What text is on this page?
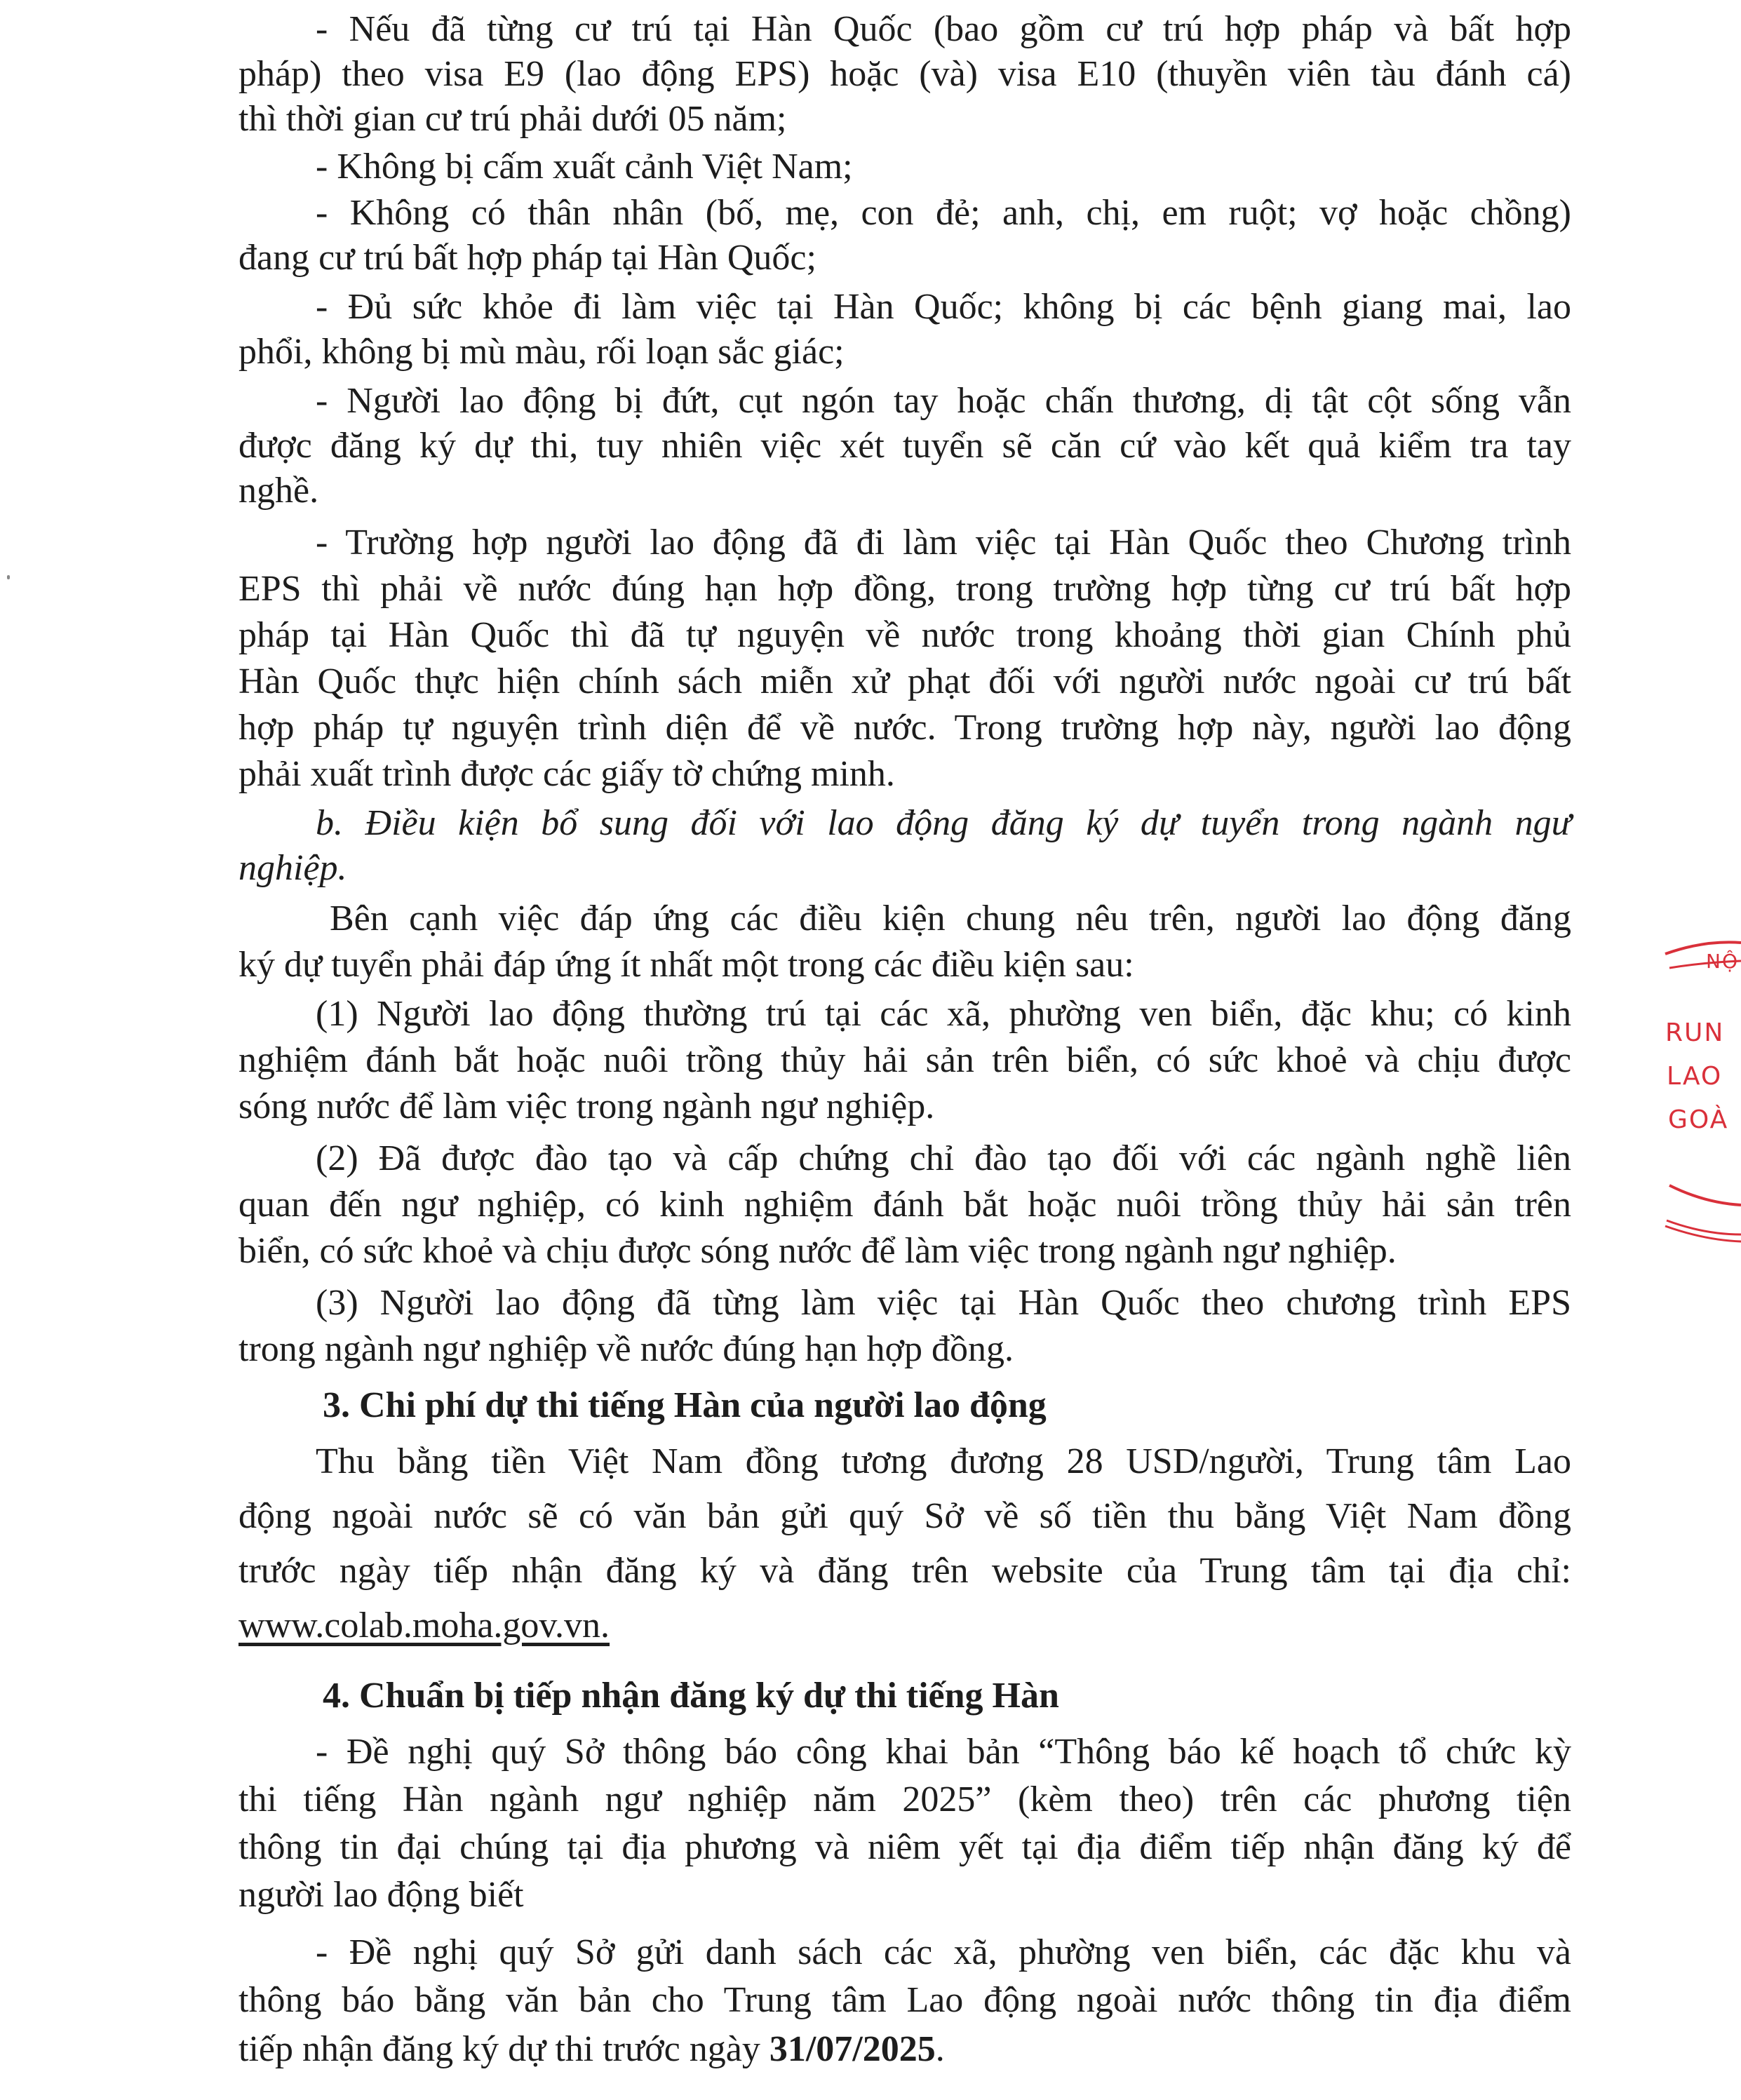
- Nếu đã từng cư trú tại Hàn Quốc (bao gồm cư trú hợp pháp và bất hợp
pháp) theo visa E9 (lao động EPS) hoặc (và) visa E10 (thuyền viên tàu đánh cá)
thì thời gian cư trú phải dưới 05 năm;
- Không bị cấm xuất cảnh Việt Nam;
- Không có thân nhân (bố, mẹ, con đẻ; anh, chị, em ruột; vợ hoặc chồng)
đang cư trú bất hợp pháp tại Hàn Quốc;
- Đủ sức khỏe đi làm việc tại Hàn Quốc; không bị các bệnh giang mai, lao
phổi, không bị mù màu, rối loạn sắc giác;
- Người lao động bị đứt, cụt ngón tay hoặc chấn thương, dị tật cột sống vẫn
được đăng ký dự thi, tuy nhiên việc xét tuyển sẽ căn cứ vào kết quả kiểm tra tay
nghề.
- Trường hợp người lao động đã đi làm việc tại Hàn Quốc theo Chương trình
EPS thì phải về nước đúng hạn hợp đồng, trong trường hợp từng cư trú bất hợp
pháp tại Hàn Quốc thì đã tự nguyện về nước trong khoảng thời gian Chính phủ
Hàn Quốc thực hiện chính sách miễn xử phạt đối với người nước ngoài cư trú bất
hợp pháp tự nguyện trình diện để về nước. Trong trường hợp này, người lao động
phải xuất trình được các giấy tờ chứng minh.
b. Điều kiện bổ sung đối với lao động đăng ký dự tuyển trong ngành ngư
nghiệp.
Bên cạnh việc đáp ứng các điều kiện chung nêu trên, người lao động đăng
ký dự tuyển phải đáp ứng ít nhất một trong các điều kiện sau:
(1) Người lao động thường trú tại các xã, phường ven biển, đặc khu; có kinh
nghiệm đánh bắt hoặc nuôi trồng thủy hải sản trên biển, có sức khoẻ và chịu được
sóng nước để làm việc trong ngành ngư nghiệp.
(2) Đã được đào tạo và cấp chứng chỉ đào tạo đối với các ngành nghề liên
quan đến ngư nghiệp, có kinh nghiệm đánh bắt hoặc nuôi trồng thủy hải sản trên
biển, có sức khoẻ và chịu được sóng nước để làm việc trong ngành ngư nghiệp.
(3) Người lao động đã từng làm việc tại Hàn Quốc theo chương trình EPS
trong ngành ngư nghiệp về nước đúng hạn hợp đồng.
3. Chi phí dự thi tiếng Hàn của người lao động
Thu bằng tiền Việt Nam đồng tương đương 28 USD/người, Trung tâm Lao
động ngoài nước sẽ có văn bản gửi quý Sở về số tiền thu bằng Việt Nam đồng
trước ngày tiếp nhận đăng ký và đăng trên website của Trung tâm tại địa chỉ:
www.colab.moha.gov.vn.
4. Chuẩn bị tiếp nhận đăng ký dự thi tiếng Hàn
- Đề nghị quý Sở thông báo công khai bản “Thông báo kế hoạch tổ chức kỳ
thi tiếng Hàn ngành ngư nghiệp năm 2025” (kèm theo) trên các phương tiện
thông tin đại chúng tại địa phương và niêm yết tại địa điểm tiếp nhận đăng ký để
người lao động biết
- Đề nghị quý Sở gửi danh sách các xã, phường ven biển, các đặc khu và
thông báo bằng văn bản cho Trung tâm Lao động ngoài nước thông tin địa điểm
tiếp nhận đăng ký dự thi trước ngày 31/07/2025.
NỘ
RUN
LAO
GOÀ
